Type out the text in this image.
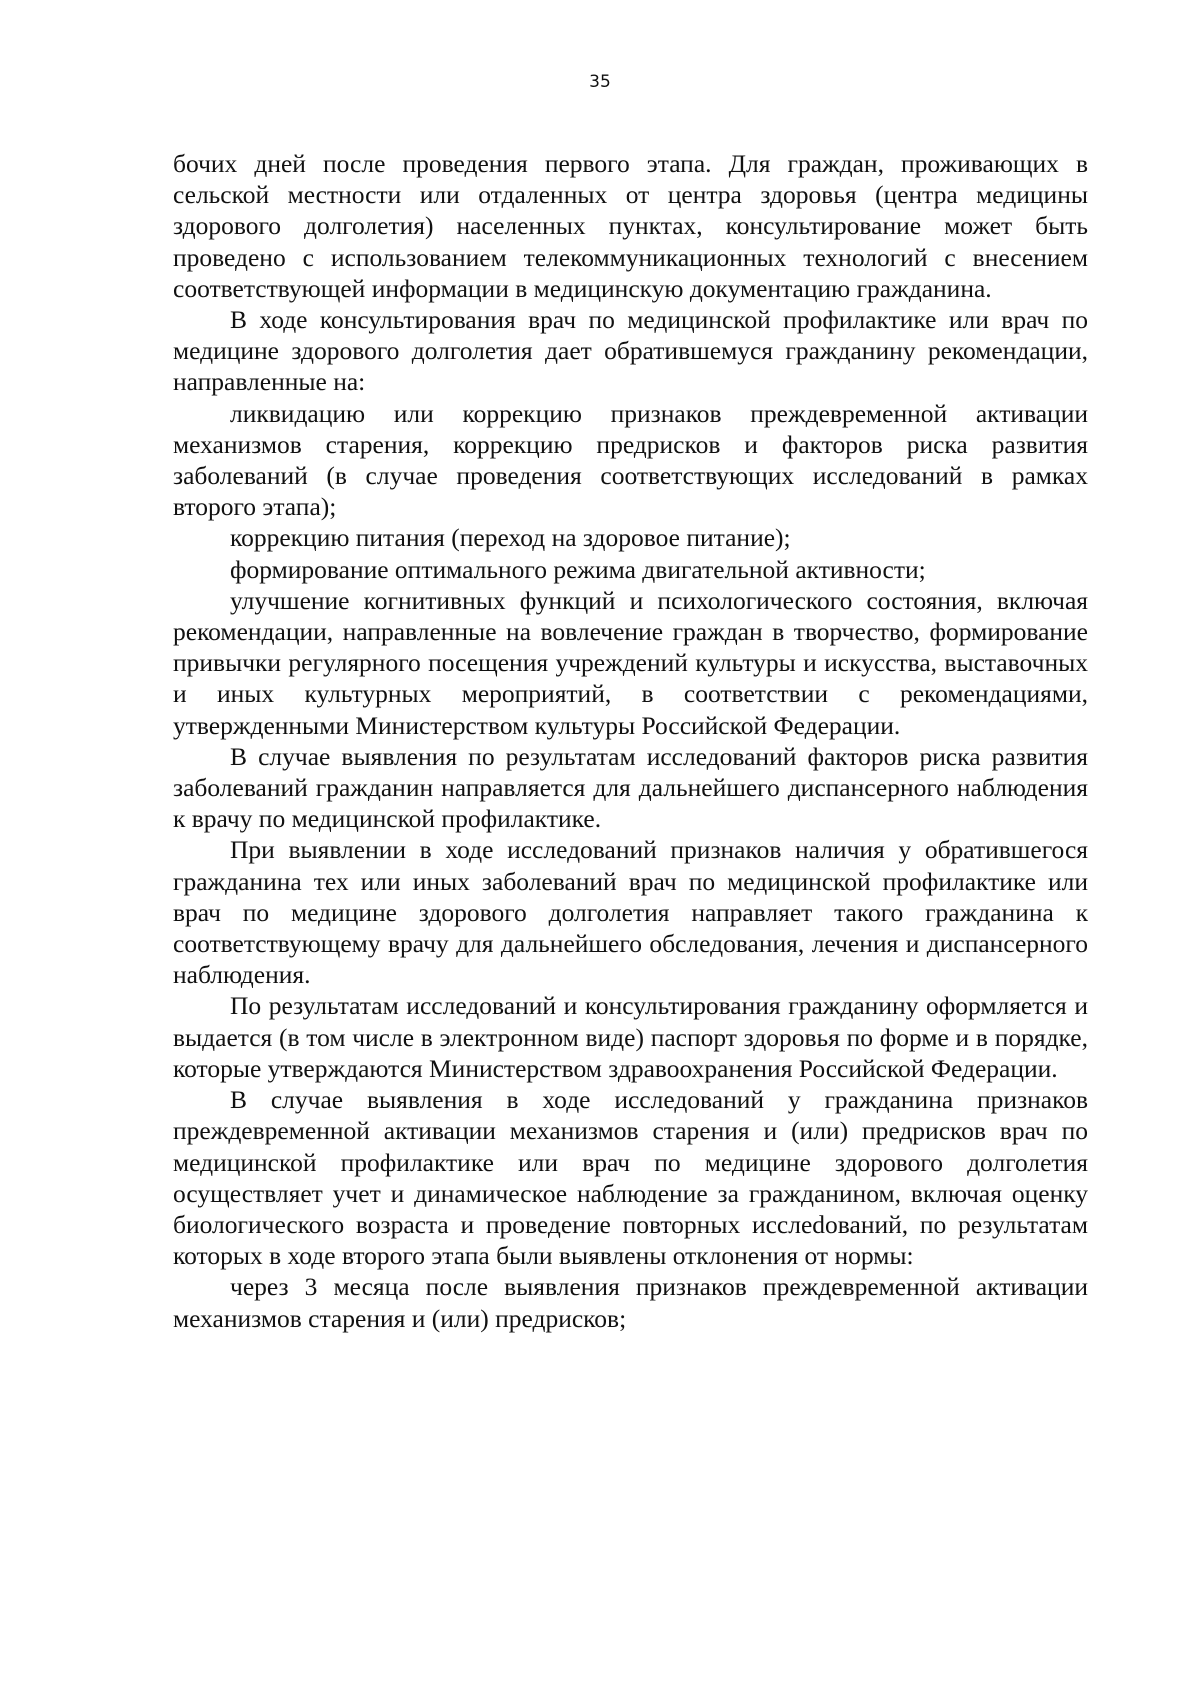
35

бочих дней после проведения первого этапа. Для граждан, проживающих в сельской местности или отдаленных от центра здоровья (центра медицины здорового долголетия) населенных пунктах, консультирование может быть проведено с использованием телекоммуникационных технологий с внесением соответствующей информации в медицинскую документацию гражданина.

В ходе консультирования врач по медицинской профилактике или врач по медицине здорового долголетия дает обратившемуся гражданину рекомендации, направленные на:

ликвидацию или коррекцию признаков преждевременной активации механизмов старения, коррекцию предрисков и факторов риска развития заболеваний (в случае проведения соответствующих исследований в рамках второго этапа);

коррекцию питания (переход на здоровое питание);

формирование оптимального режима двигательной активности;

улучшение когнитивных функций и психологического состояния, включая рекомендации, направленные на вовлечение граждан в творчество, формирование привычки регулярного посещения учреждений культуры и искусства, выставочных и иных культурных мероприятий, в соответствии с рекомендациями, утвержденными Министерством культуры Российской Федерации.

В случае выявления по результатам исследований факторов риска развития заболеваний гражданин направляется для дальнейшего диспансерного наблюдения к врачу по медицинской профилактике.

При выявлении в ходе исследований признаков наличия у обратившегося гражданина тех или иных заболеваний врач по медицинской профилактике или врач по медицине здорового долголетия направляет такого гражданина к соответствующему врачу для дальнейшего обследования, лечения и диспансерного наблюдения.

По результатам исследований и консультирования гражданину оформляется и выдается (в том числе в электронном виде) паспорт здоровья по форме и в порядке, которые утверждаются Министерством здравоохранения Российской Федерации.

В случае выявления в ходе исследований у гражданина признаков преждевременной активации механизмов старения и (или) предрисков врач по медицинской профилактике или врач по медицине здорового долголетия осуществляет учет и динамическое наблюдение за гражданином, включая оценку биологического возраста и проведение повторных исслеdований, по результатам которых в ходе второго этапа были выявлены отклонения от нормы:

через 3 месяца после выявления признаков преждевременной активации механизмов старения и (или) предрисков;
